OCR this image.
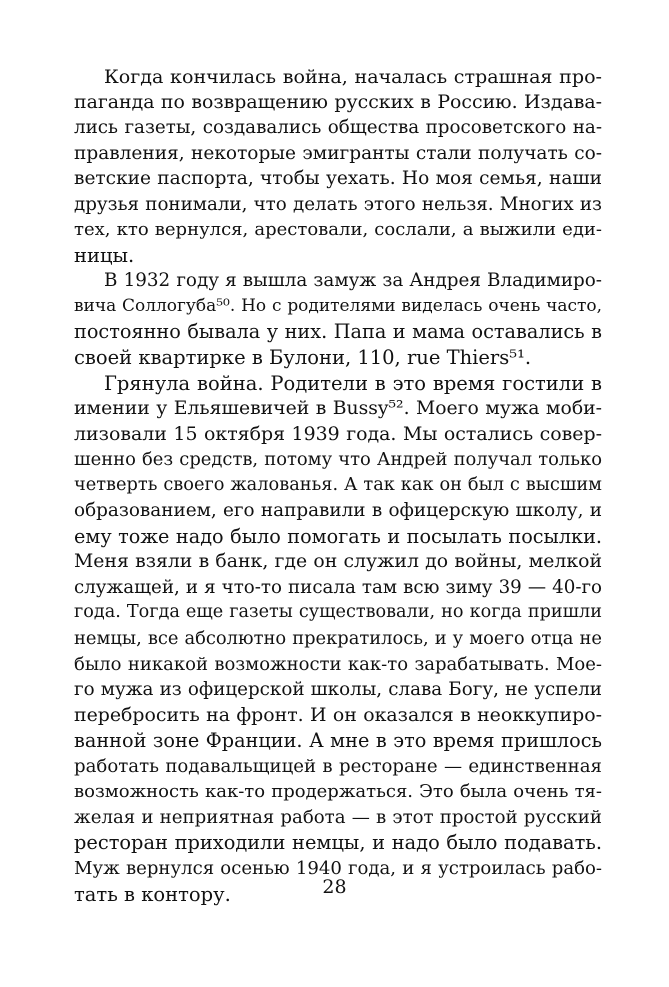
Когда кончилась война, началась страшная про-
паганда по возвращению русских в Россию. Издава-
лись газеты, создавались общества просоветского на-
правления, некоторые эмигранты стали получать со-
ветские паспорта, чтобы уехать. Но моя семья, наши
друзья понимали, что делать этого нельзя. Многих из
тех, кто вернулся, арестовали, сослали, а выжили еди-
ницы.
В 1932 году я вышла замуж за Андрея Владимиро-
вича Соллогуба⁵⁰. Но с родителями виделась очень часто,
постоянно бывала у них. Папа и мама оставались в
своей квартирке в Булони, 110, rue Thiers⁵¹.
Грянула война. Родители в это время гостили в
имении у Ельяшевичей в Bussy⁵². Моего мужа моби-
лизовали 15 октября 1939 года. Мы остались совер-
шенно без средств, потому что Андрей получал только
четверть своего жалованья. А так как он был с высшим
образованием, его направили в офицерскую школу, и
ему тоже надо было помогать и посылать посылки.
Меня взяли в банк, где он служил до войны, мелкой
служащей, и я что-то писала там всю зиму 39 — 40-го
года. Тогда еще газеты существовали, но когда пришли
немцы, все абсолютно прекратилось, и у моего отца не
было никакой возможности как-то зарабатывать. Мое-
го мужа из офицерской школы, слава Богу, не успели
перебросить на фронт. И он оказался в неоккупиро-
ванной зоне Франции. А мне в это время пришлось
работать подавальщицей в ресторане — единственная
возможность как-то продержаться. Это была очень тя-
желая и неприятная работа — в этот простой русский
ресторан приходили немцы, и надо было подавать.
Муж вернулся осенью 1940 года, и я устроилась рабо-
тать в контору.	28
